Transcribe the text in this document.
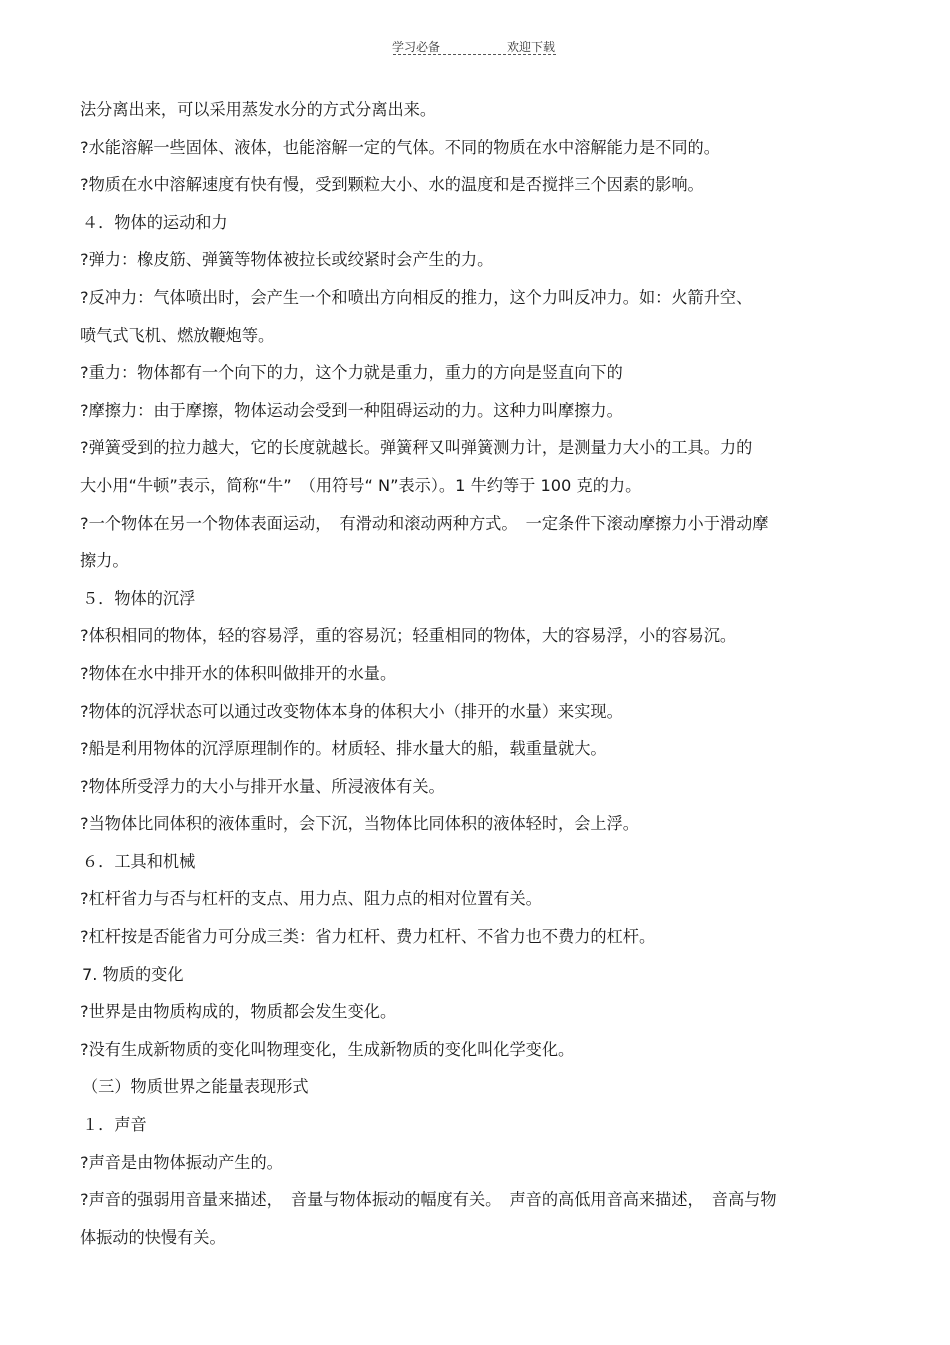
学习必备	欢迎下载
法分离出来，可以采用蒸发水分的方式分离出来。
?水能溶解一些固体、液体，也能溶解一定的气体。不同的物质在水中溶解能力是不同的。
?物质在水中溶解速度有快有慢，受到颗粒大小、水的温度和是否搅拌三个因素的影响。
４．物体的运动和力
?弹力：橡皮筋、弹簧等物体被拉长或绞紧时会产生的力。
?反冲力：气体喷出时，会产生一个和喷出方向相反的推力，这个力叫反冲力。如：火箭升空、
喷气式飞机、燃放鞭炮等。
?重力：物体都有一个向下的力，这个力就是重力，重力的方向是竖直向下的
?摩擦力：由于摩擦，物体运动会受到一种阻碍运动的力。这种力叫摩擦力。
?弹簧受到的拉力越大，它的长度就越长。弹簧秤又叫弹簧测力计，是测量力大小的工具。力的
大小用“牛顿”表示，简称“牛”　（用符号“ N”表示）。1 牛约等于 100 克的力。
?一个物体在另一个物体表面运动，　有滑动和滚动两种方式。　一定条件下滚动摩擦力小于滑动摩
擦力。
５．物体的沉浮
?体积相同的物体，轻的容易浮，重的容易沉；轻重相同的物体，大的容易浮，小的容易沉。
?物体在水中排开水的体积叫做排开的水量。
?物体的沉浮状态可以通过改变物体本身的体积大小（排开的水量）来实现。
?船是利用物体的沉浮原理制作的。材质轻、排水量大的船，载重量就大。
?物体所受浮力的大小与排开水量、所浸液体有关。
?当物体比同体积的液体重时，会下沉，当物体比同体积的液体轻时，会上浮。
６．工具和机械
?杠杆省力与否与杠杆的支点、用力点、阻力点的相对位置有关。
?杠杆按是否能省力可分成三类：省力杠杆、费力杠杆、不省力也不费力的杠杆。
7. 物质的变化
?世界是由物质构成的，物质都会发生变化。
?没有生成新物质的变化叫物理变化，生成新物质的变化叫化学变化。
（三）物质世界之能量表现形式
１．声音
?声音是由物体振动产生的。
?声音的强弱用音量来描述，　音量与物体振动的幅度有关。　声音的高低用音高来描述，　音高与物
体振动的快慢有关。
